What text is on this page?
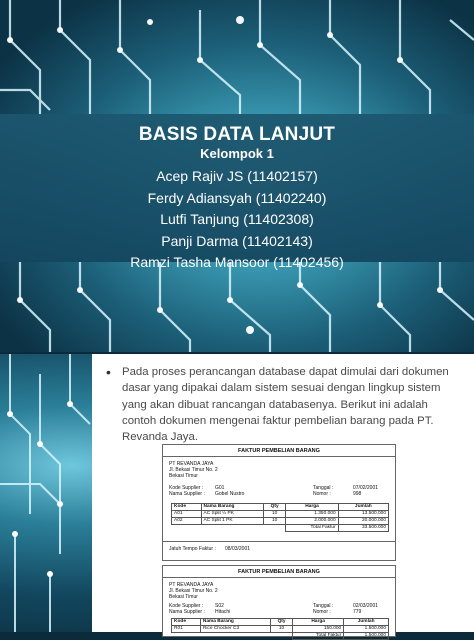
BASIS DATA LANJUT
Kelompok 1
Acep Rajiv JS (11402157)
Ferdy Adiansyah (11402240)
Lutfi Tanjung (11402308)
Panji Darma (11402143)
Ramzi Tasha Mansoor (11402456)
• Pada proses perancangan database dapat dimulai dari dokumen dasar yang dipakai dalam sistem sesuai dengan lingkup sistem yang akan dibuat rancangan databasenya. Berikut ini adalah contoh dokumen mengenai faktur pembelian barang pada PT. Revanda Jaya.
FAKTUR PEMBELIAN BARANG
PT REVANDA JAYA
Jl. Bekasi Timur No. 2
Bekasi Timur
Kode Supplier : G01
Nama Supplier : Gobel Nustro
Tanggal :	07/02/2001
Nomor :	998
Kode	Nama Barang	Qty	Harga	Jumlah
A01	AC Split ½ PK	10	1.350.000	13.500.000
A02	AC Split 1 PK	10	2.000.000	20.000.000
			Total Faktur	33.500.000
Jatuh Tempo Faktur : 08/03/2001
FAKTUR PEMBELIAN BARANG
PT REVANDA JAYA
Jl. Bekasi Timur No. 2
Bekasi Timur
Kode Supplier : S02
Nama Supplier : Hitachi
Tanggal :	02/03/2001
Nomor :	779
Kode	Nama Barang	Qty	Harga	Jumlah
R01	Rice Chocker C3	10	150.000	1.500.000
			Total Faktur	1.500.000
